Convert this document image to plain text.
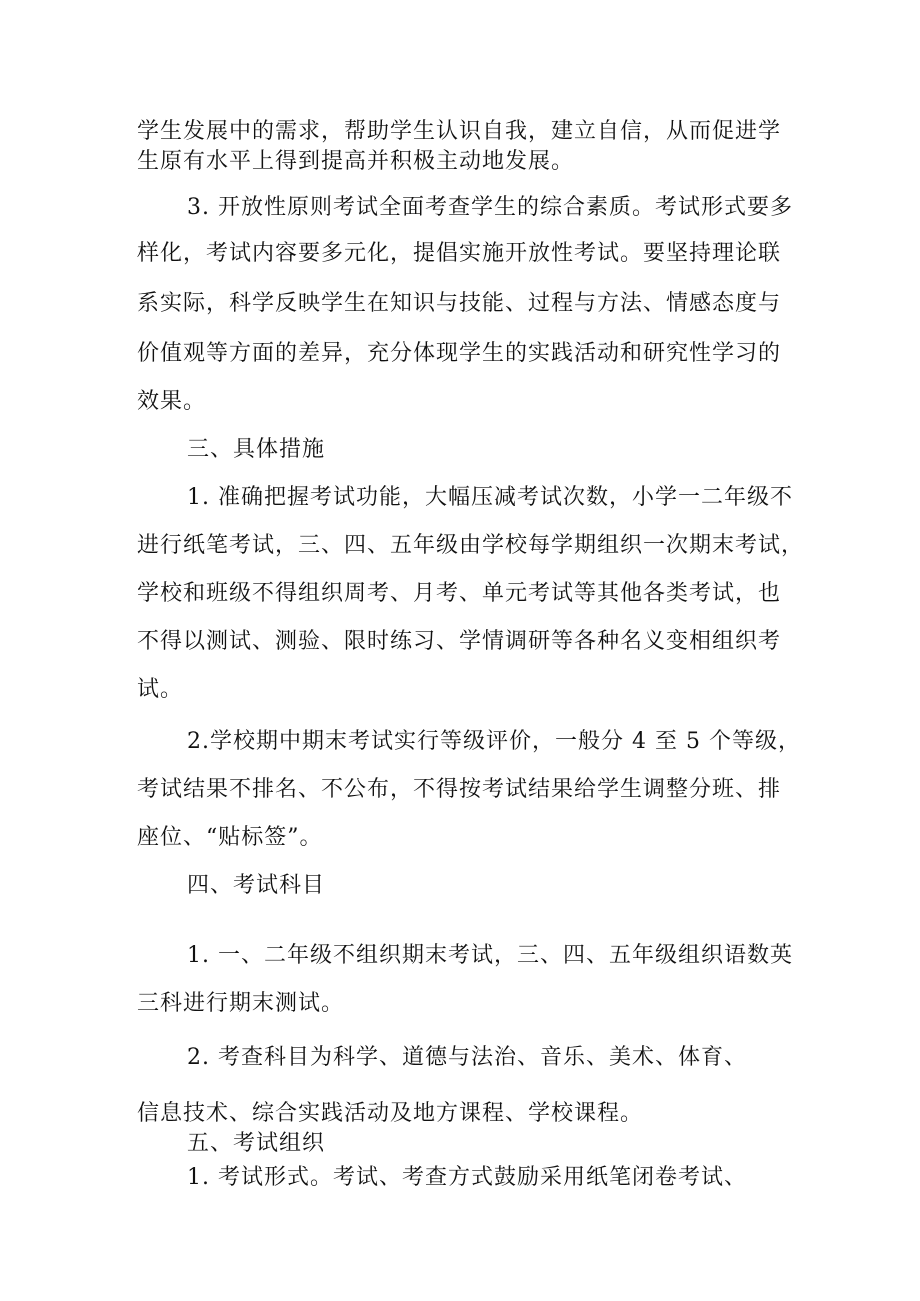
学生发展中的需求，帮助学生认识自我，建立自信，从而促进学
生原有水平上得到提高并积极主动地发展。
3. 开放性原则考试全面考查学生的综合素质。考试形式要多
样化，考试内容要多元化，提倡实施开放性考试。要坚持理论联
系实际，科学反映学生在知识与技能、过程与方法、情感态度与
价值观等方面的差异，充分体现学生的实践活动和研究性学习的
效果。
三、具体措施
1. 准确把握考试功能，大幅压减考试次数，小学一二年级不
进行纸笔考试，三、四、五年级由学校每学期组织一次期末考试，
学校和班级不得组织周考、月考、单元考试等其他各类考试，也
不得以测试、测验、限时练习、学情调研等各种名义变相组织考
试。
2.学校期中期末考试实行等级评价，一般分 4 至 5 个等级，
考试结果不排名、不公布，不得按考试结果给学生调整分班、排
座位、“贴标签”。
四、考试科目
1. 一、二年级不组织期末考试，三、四、五年级组织语数英
三科进行期末测试。
2. 考查科目为科学、道德与法治、音乐、美术、体育、
信息技术、综合实践活动及地方课程、学校课程。
五、考试组织
1. 考试形式。考试、考查方式鼓励采用纸笔闭卷考试、
